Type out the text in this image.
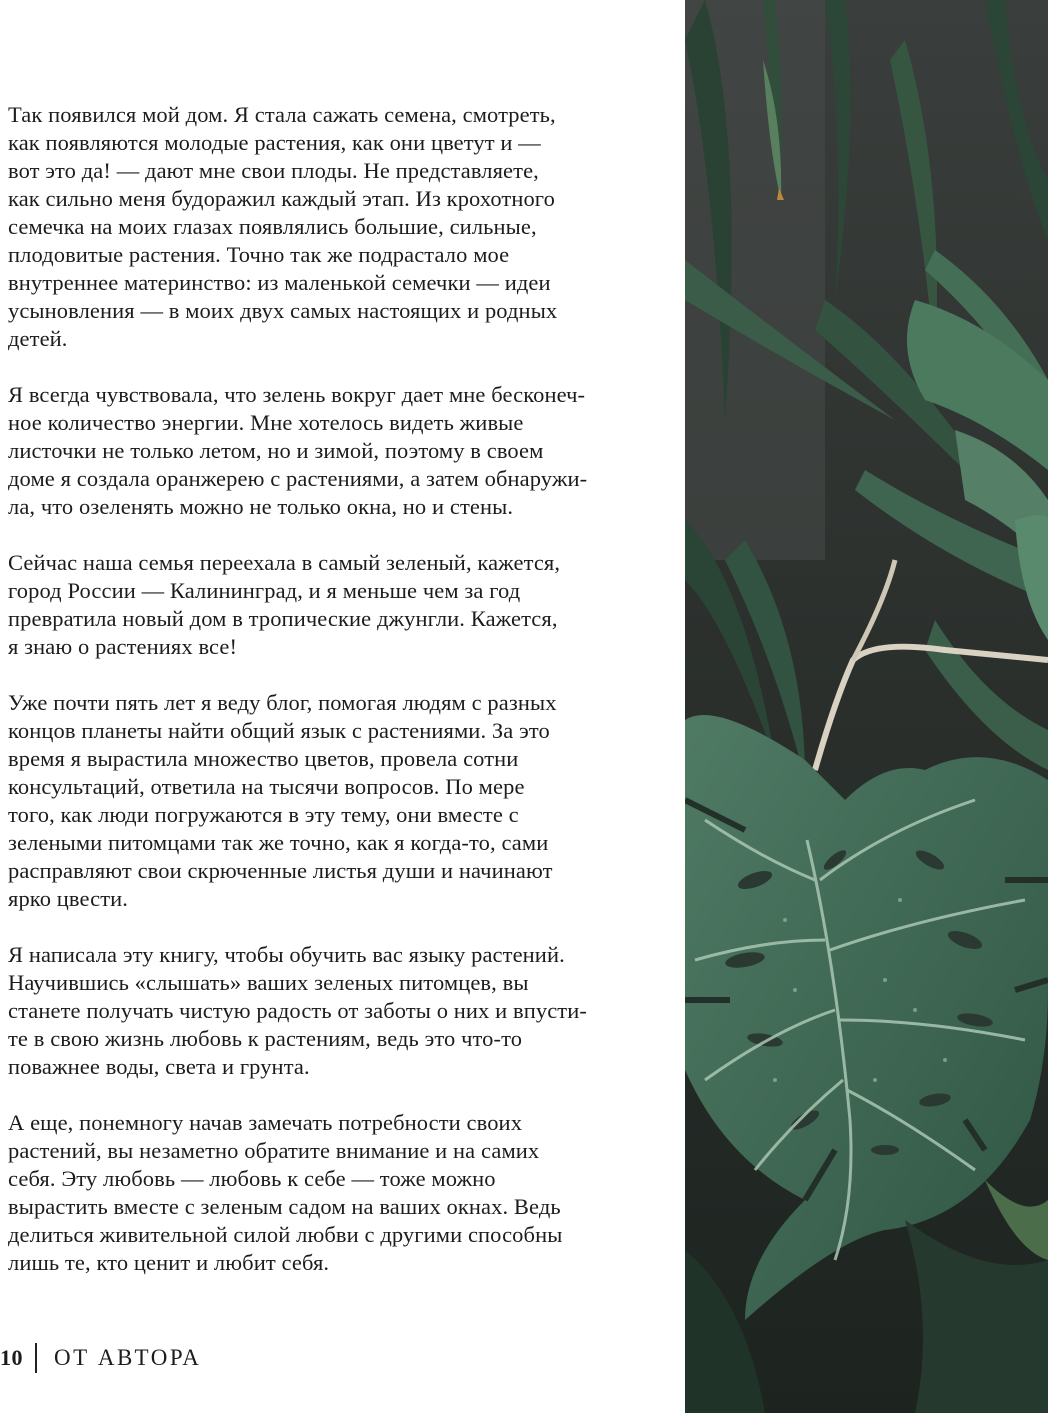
Так появился мой дом. Я стала сажать семена, смотреть,
как появляются молодые растения, как они цветут и —
вот это да! — дают мне свои плоды. Не представляете,
как сильно меня будоражил каждый этап. Из крохотного
семечка на моих глазах появлялись большие, сильные,
плодовитые растения. Точно так же подрастало мое
внутреннее материнство: из маленькой семечки — идеи
усыновления — в моих двух самых настоящих и родных
детей.

Я всегда чувствовала, что зелень вокруг дает мне бесконеч-
ное количество энергии. Мне хотелось видеть живые
листочки не только летом, но и зимой, поэтому в своем
доме я создала оранжерею с растениями, а затем обнаружи-
ла, что озеленять можно не только окна, но и стены.

Сейчас наша семья переехала в самый зеленый, кажется,
город России — Калининград, и я меньше чем за год
превратила новый дом в тропические джунгли. Кажется,
я знаю о растениях все!

Уже почти пять лет я веду блог, помогая людям с разных
концов планеты найти общий язык с растениями. За это
время я вырастила множество цветов, провела сотни
консультаций, ответила на тысячи вопросов. По мере
того, как люди погружаются в эту тему, они вместе с
зелеными питомцами так же точно, как я когда-то, сами
расправляют свои скрюченные листья души и начинают
ярко цвести.

Я написала эту книгу, чтобы обучить вас языку растений.
Научившись «слышать» ваших зеленых питомцев, вы
станете получать чистую радость от заботы о них и впусти-
те в свою жизнь любовь к растениям, ведь это что-то
поважнее воды, света и грунта.

А еще, понемногу начав замечать потребности своих
растений, вы незаметно обратите внимание и на самих
себя. Эту любовь — любовь к себе — тоже можно
вырастить вместе с зеленым садом на ваших окнах. Ведь
делиться живительной силой любви с другими способны
лишь те, кто ценит и любит себя.

10 ОТ АВТОРА
